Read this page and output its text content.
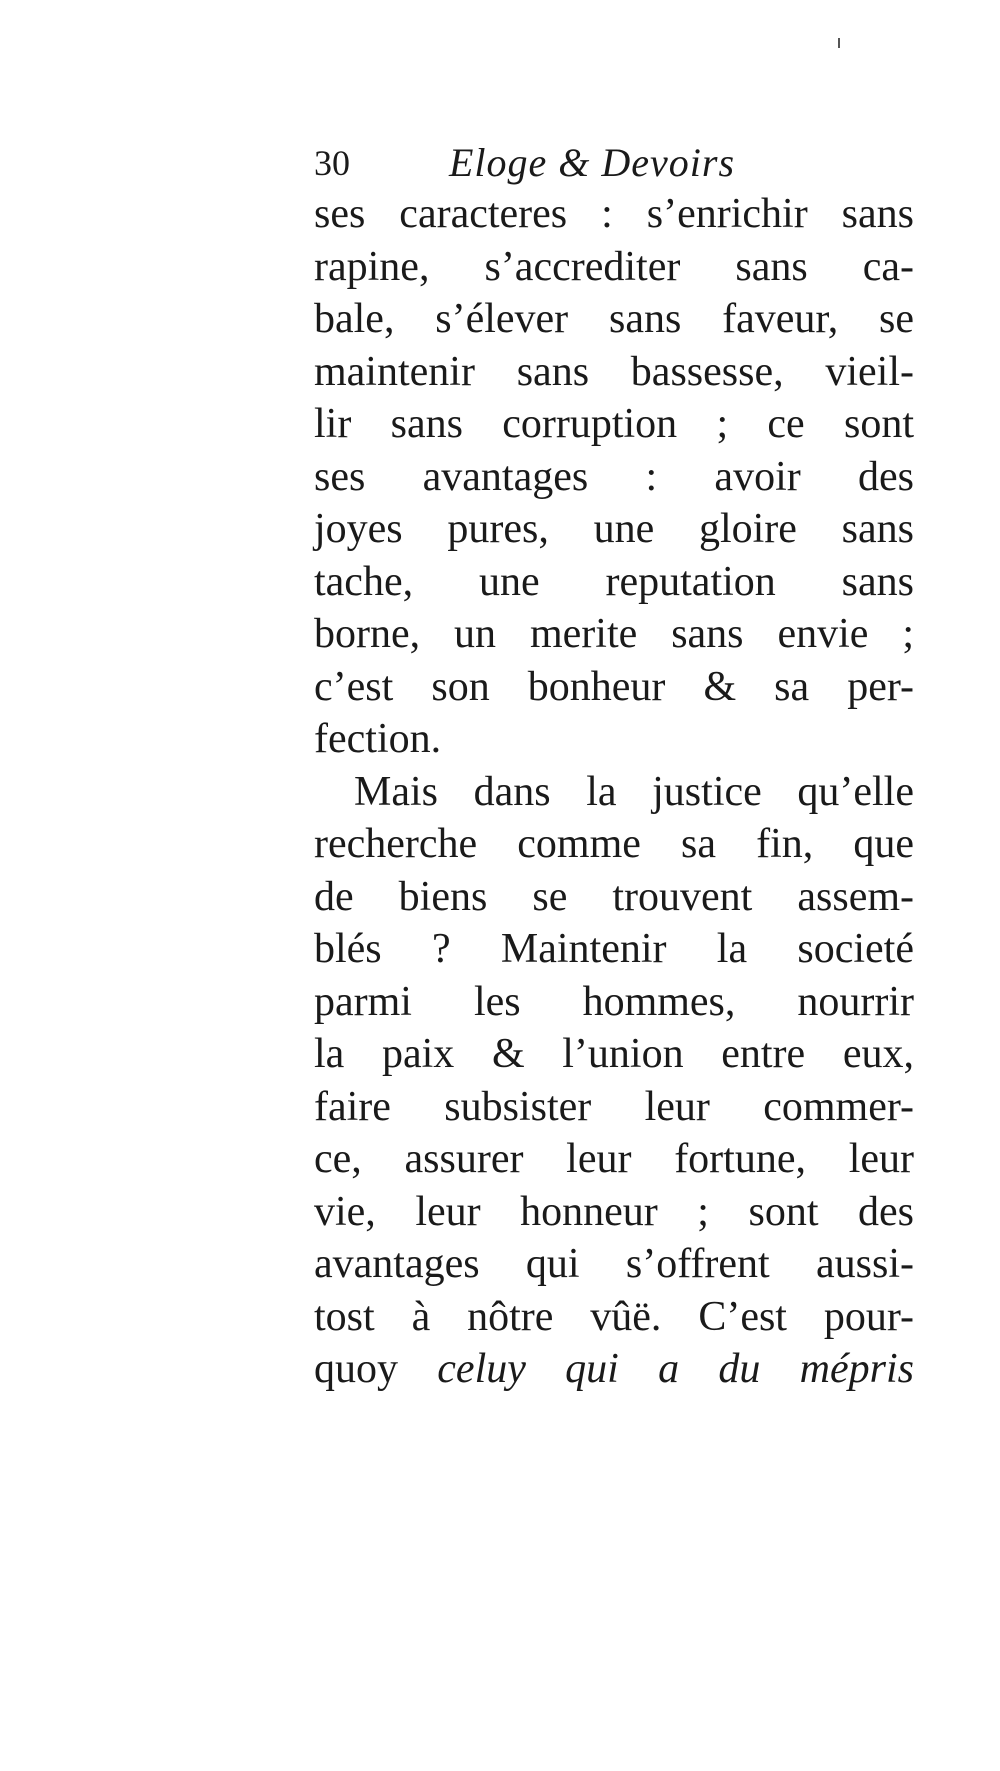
30 Eloge & Devoirs
ses caracteres : s’enrichir sans
rapine, s’accrediter sans ca-
bale, s’élever sans faveur, se
maintenir sans bassesse, vieil-
lir sans corruption ; ce sont
ses avantages : avoir des
joyes pures, une gloire sans
tache, une reputation sans
borne, un merite sans envie ;
c’est son bonheur & sa per-
fection.
Mais dans la justice qu’elle
recherche comme sa fin, que
de biens se trouvent assem-
blés ? Maintenir la societé
parmi les hommes, nourrir
la paix & l’union entre eux,
faire subsister leur commer-
ce, assurer leur fortune, leur
vie, leur honneur ; sont des
avantages qui s’offrent aussi-
tost à nôtre vûë. C’est pour-
quoy celuy qui a du mépris
